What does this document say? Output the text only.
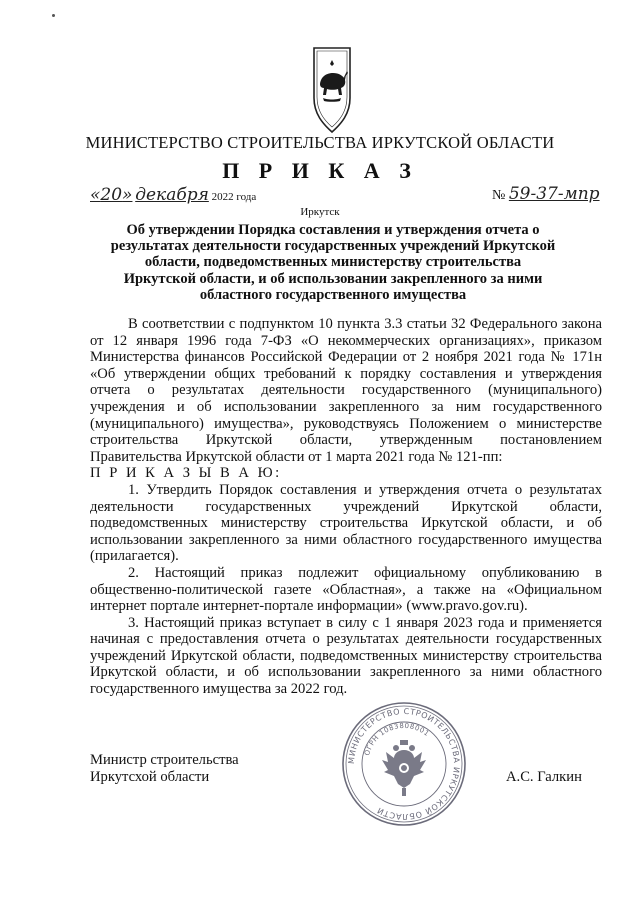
МИНИСТЕРСТВО СТРОИТЕЛЬСТВА ИРКУТСКОЙ ОБЛАСТИ
П Р И К А З
«20» декабря 2022 года	№ 59-37-мпр
Иркутск
Об утверждении Порядка составления и утверждения отчета о результатах деятельности государственных учреждений Иркутской области, подведомственных министерству строительства Иркутской области, и об использовании закрепленного за ними областного государственного имущества

В соответствии с подпунктом 10 пункта 3.3 статьи 32 Федерального закона от 12 января 1996 года 7-ФЗ «О некоммерческих организациях», приказом Министерства финансов Российской Федерации от 2 ноября 2021 года № 171н «Об утверждении общих требований к порядку составления и утверждения отчета о результатах деятельности государственного (муниципального) учреждения и об использовании закрепленного за ним государственного (муниципального) имущества», руководствуясь Положением о министерстве строительства Иркутской области, утвержденным постановлением Правительства Иркутской области от 1 марта 2021 года № 121-пп:

П Р И К А З Ы В А Ю:

1. Утвердить Порядок составления и утверждения отчета о результатах деятельности государственных учреждений Иркутской области, подведомственных министерству строительства Иркутской области, и об использовании закрепленного за ними областного государственного имущества (прилагается).

2. Настоящий приказ подлежит официальному опубликованию в общественно-политической газете «Областная», а также на «Официальном интернет портале интернет-портале информации» (www.pravo.gov.ru).

3. Настоящий приказ вступает в силу с 1 января 2023 года и применяется начиная с предоставления отчета о результатах деятельности государственных учреждений Иркутской области, подведомственных министерству строительства Иркутской области, и об использовании закрепленного за ними областного государственного имущества за 2022 год.

МИНИСТЕРСТВО СТРОИТЕЛЬСТВА ИРКУТСКОЙ ОБЛАСТИ
ОГРН 1083808001
Министр строительства
Иркутсхой области	А.С. Галкин
